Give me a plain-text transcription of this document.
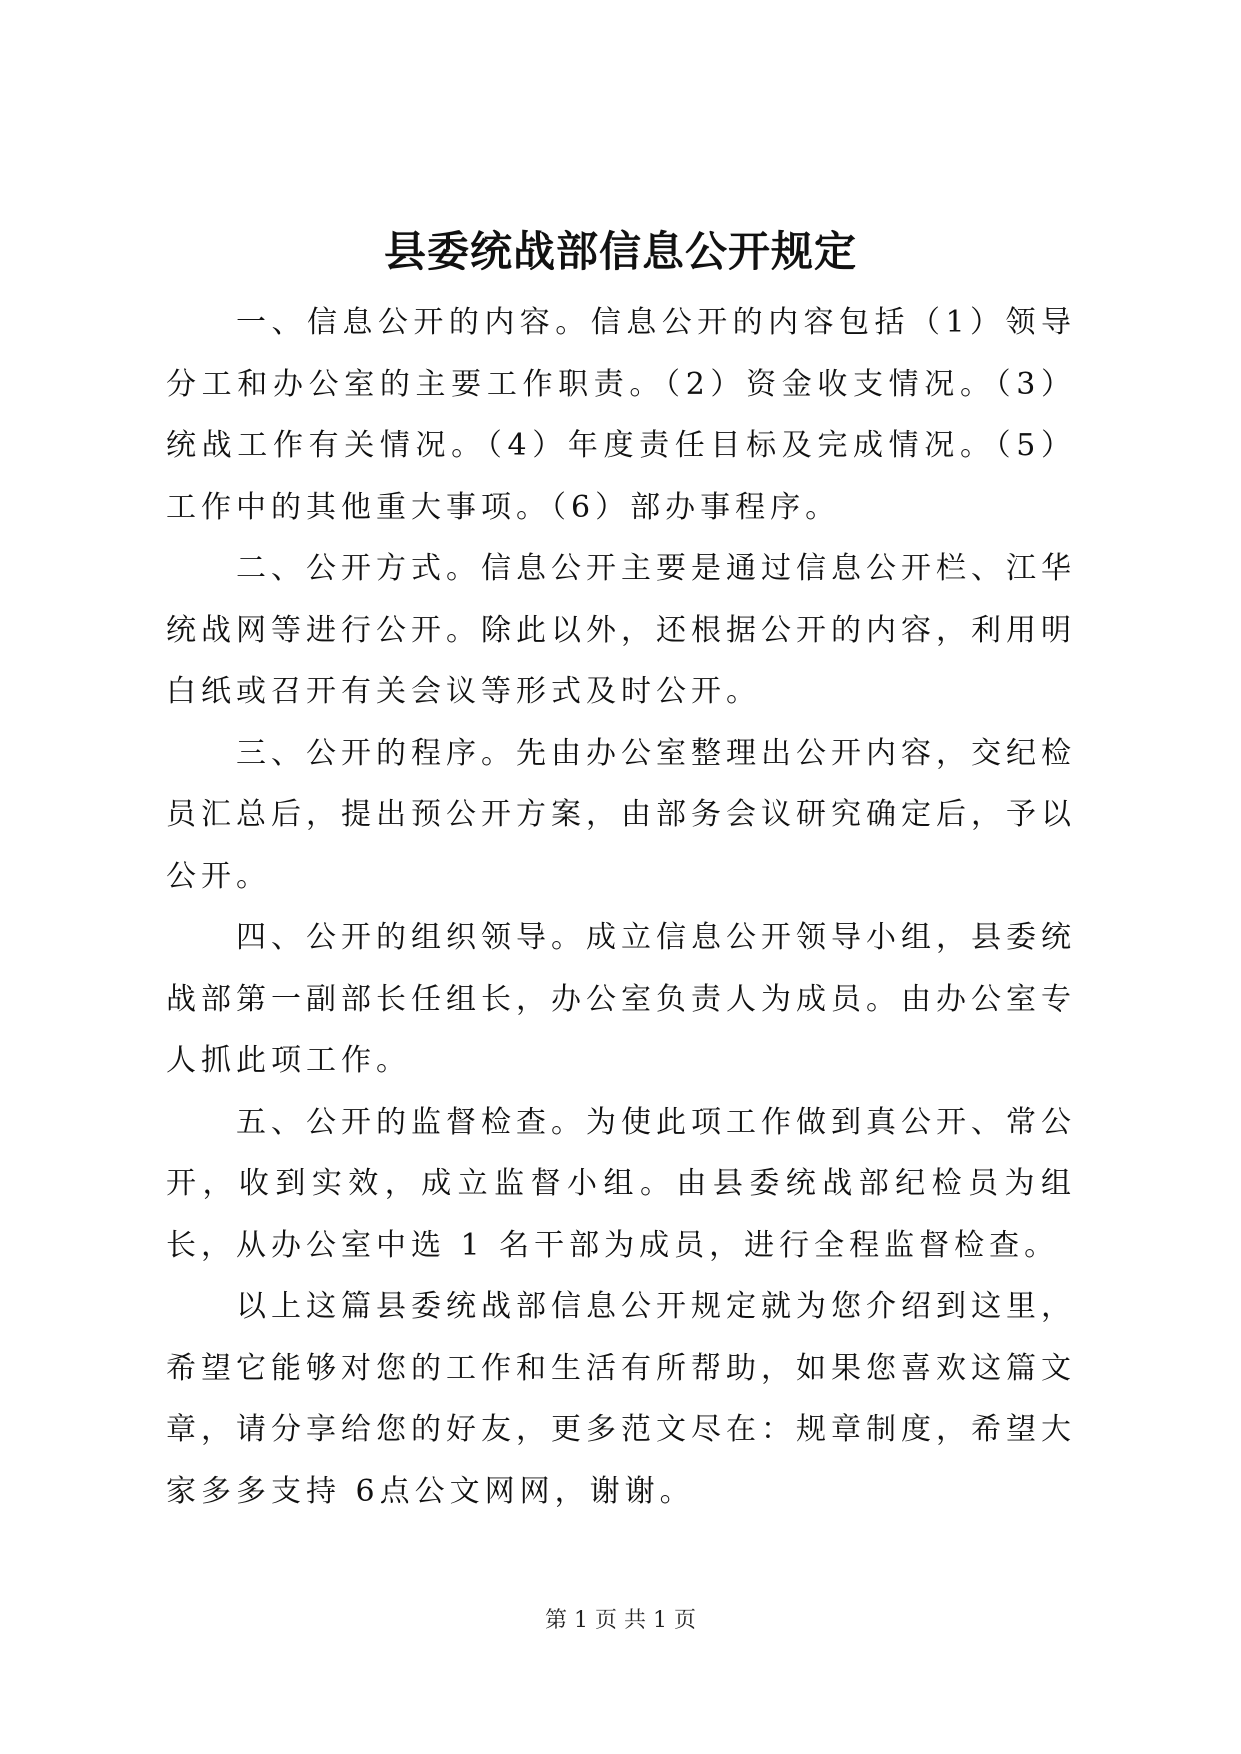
县委统战部信息公开规定

一、信息公开的内容。信息公开的内容包括（1）领导分工和办公室的主要工作职责。（2）资金收支情况。（3）统战工作有关情况。（4）年度责任目标及完成情况。（5）工作中的其他重大事项。（6）部办事程序。

二、公开方式。信息公开主要是通过信息公开栏、江华统战网等进行公开。除此以外，还根据公开的内容，利用明白纸或召开有关会议等形式及时公开。

三、公开的程序。先由办公室整理出公开内容，交纪检员汇总后，提出预公开方案，由部务会议研究确定后，予以公开。

四、公开的组织领导。成立信息公开领导小组，县委统战部第一副部长任组长，办公室负责人为成员。由办公室专人抓此项工作。

五、公开的监督检查。为使此项工作做到真公开、常公开，收到实效，成立监督小组。由县委统战部纪检员为组长，从办公室中选 1 名干部为成员，进行全程监督检查。

以上这篇县委统战部信息公开规定就为您介绍到这里，希望它能够对您的工作和生活有所帮助，如果您喜欢这篇文章，请分享给您的好友，更多范文尽在：规章制度，希望大家多多支持 6点公文网网，谢谢。

第 1 页 共 1 页
